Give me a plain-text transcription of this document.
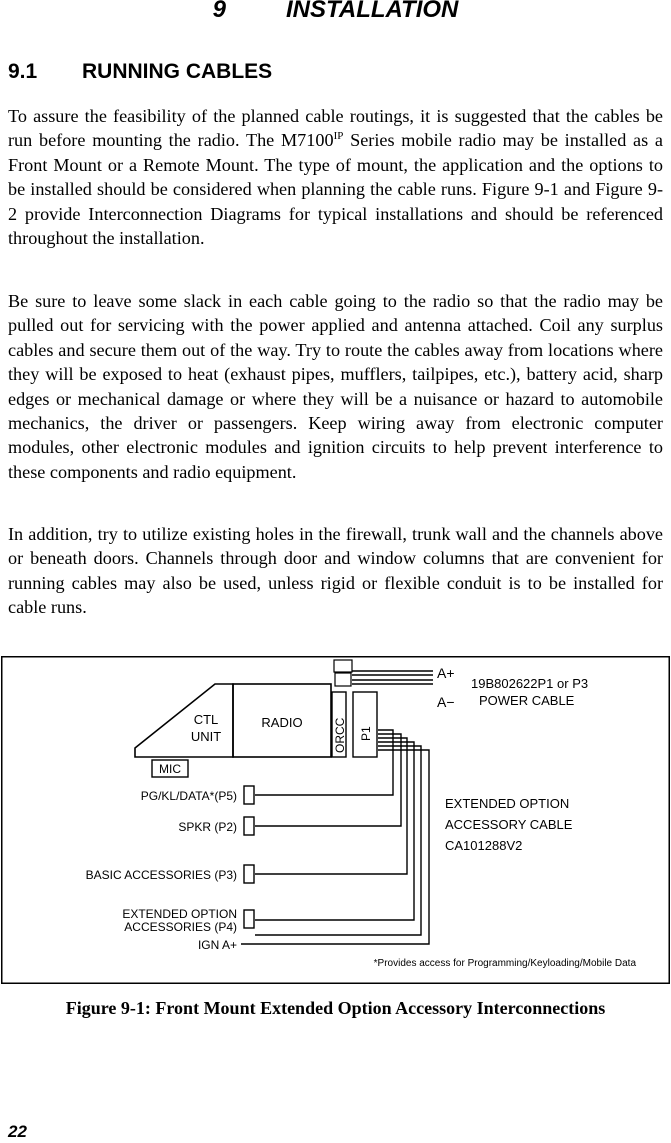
9	INSTALLATION
9.1 RUNNING CABLES

To assure the feasibility of the planned cable routings, it is suggested that the cables be run before mounting the radio. The $M7100^{IP}$ Series mobile radio may be installed as a Front Mount or a Remote Mount. The type of mount, the application and the options to be installed should be considered when planning the cable runs. Figure 9-1 and Figure 9-2 provide Interconnection Diagrams for typical installations and should be referenced throughout the installation.

Be sure to leave some slack in each cable going to the radio so that the radio may be pulled out for servicing with the power applied and antenna attached. Coil any surplus cables and secure them out of the way. Try to route the cables away from locations where they will be exposed to heat (exhaust pipes, mufflers, tailpipes, etc.), battery acid, sharp edges or mechanical damage or where they will be a nuisance or hazard to automobile mechanics, the driver or passengers. Keep wiring away from electronic computer modules, other electronic modules and ignition circuits to help prevent interference to these components and radio equipment.

In addition, try to utilize existing holes in the firewall, trunk wall and the channels above or beneath doors. Channels through door and window columns that are convenient for running cables may also be used, unless rigid or flexible conduit is to be installed for cable runs.

CTL
UNIT
RADIO	ORCC P1
MIC
A+
A−
19B802622P1 or P3
POWER CABLE
PG/KL/DATA*(P5)
SPKR (P2)
BASIC ACCESSORIES (P3)
EXTENDED OPTION
ACCESSORIES (P4)
IGN A+
EXTENDED OPTION
ACCESSORY CABLE
CA101288V2
*Provides access for Programming/Keyloading/Mobile Data
Figure 9-1: Front Mount Extended Option Accessory Interconnections
22
